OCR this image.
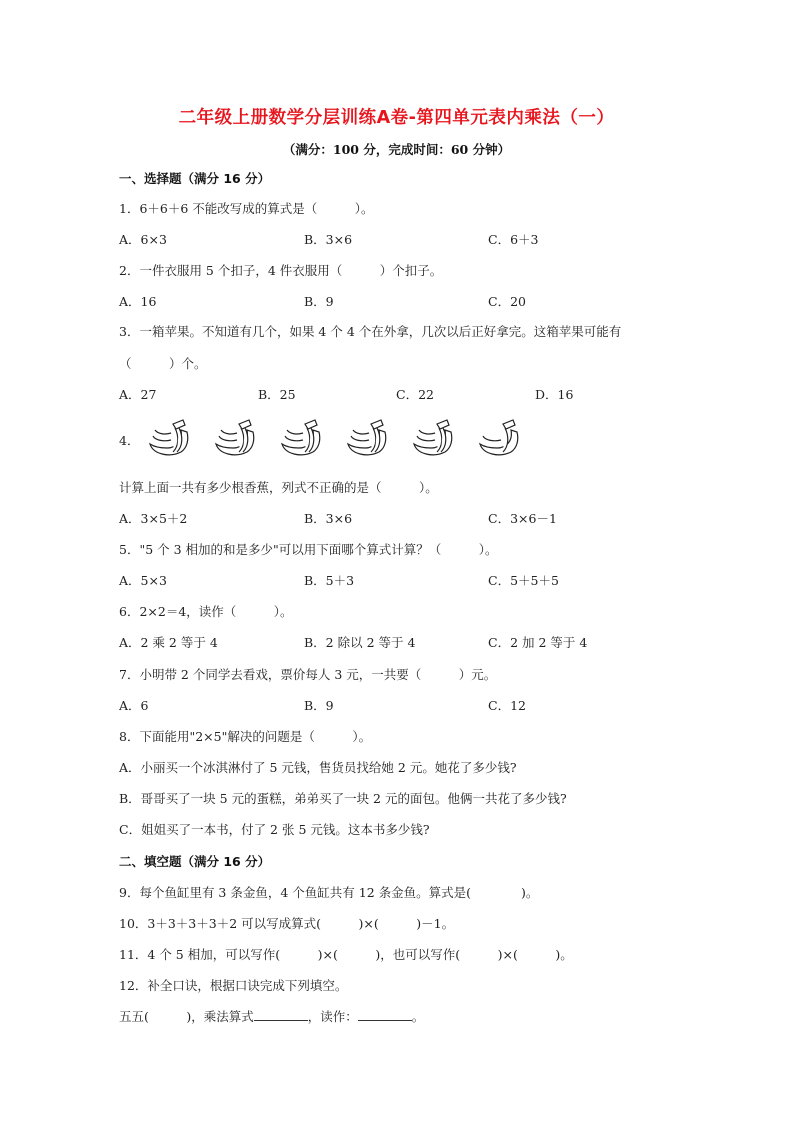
二年级上册数学分层训练A卷-第四单元表内乘法（一）
（满分：100 分，完成时间：60 分钟）
一、选择题（满分 16 分）
1．6＋6＋6 不能改写成的算式是（　　　）。
A．6×3	B．3×6	C．6＋3
2．一件衣服用 5 个扣子，4 件衣服用（　　　）个扣子。
A．16	B．9	C．20
3．一箱苹果。不知道有几个，如果 4 个 4 个在外拿，几次以后正好拿完。这箱苹果可能有
（　　　）个。
A．27	B．25	C．22	D．16
4．
计算上面一共有多少根香蕉，列式不正确的是（　　　）。
A．3×5＋2	B．3×6	C．3×6－1
5．"5 个 3 相加的和是多少"可以用下面哪个算式计算？（　　　）。
A．5×3	B．5＋3	C．5＋5＋5
6．2×2＝4，读作（　　　）。
A．2 乘 2 等于 4	B．2 除以 2 等于 4	C．2 加 2 等于 4
7．小明带 2 个同学去看戏，票价每人 3 元，一共要（　　　）元。
A．6	B．9	C．12
8．下面能用"2×5"解决的问题是（　　　）。
A．小丽买一个冰淇淋付了 5 元钱，售货员找给她 2 元。她花了多少钱?
B．哥哥买了一块 5 元的蛋糕，弟弟买了一块 2 元的面包。他俩一共花了多少钱?
C．姐姐买了一本书，付了 2 张 5 元钱。这本书多少钱?
二、填空题（满分 16 分）
9．每个鱼缸里有 3 条金鱼，4 个鱼缸共有 12 条金鱼。算式是(　　　　)。
10．3＋3＋3＋3＋2 可以写成算式(　　　)×(　　　)－1。
11．4 个 5 相加，可以写作(　　　)×(　　　)，也可以写作(　　　)×(　　　)。
12．补全口诀，根据口诀完成下列填空。
五五(　　　)，乘法算式	，读作：	。
